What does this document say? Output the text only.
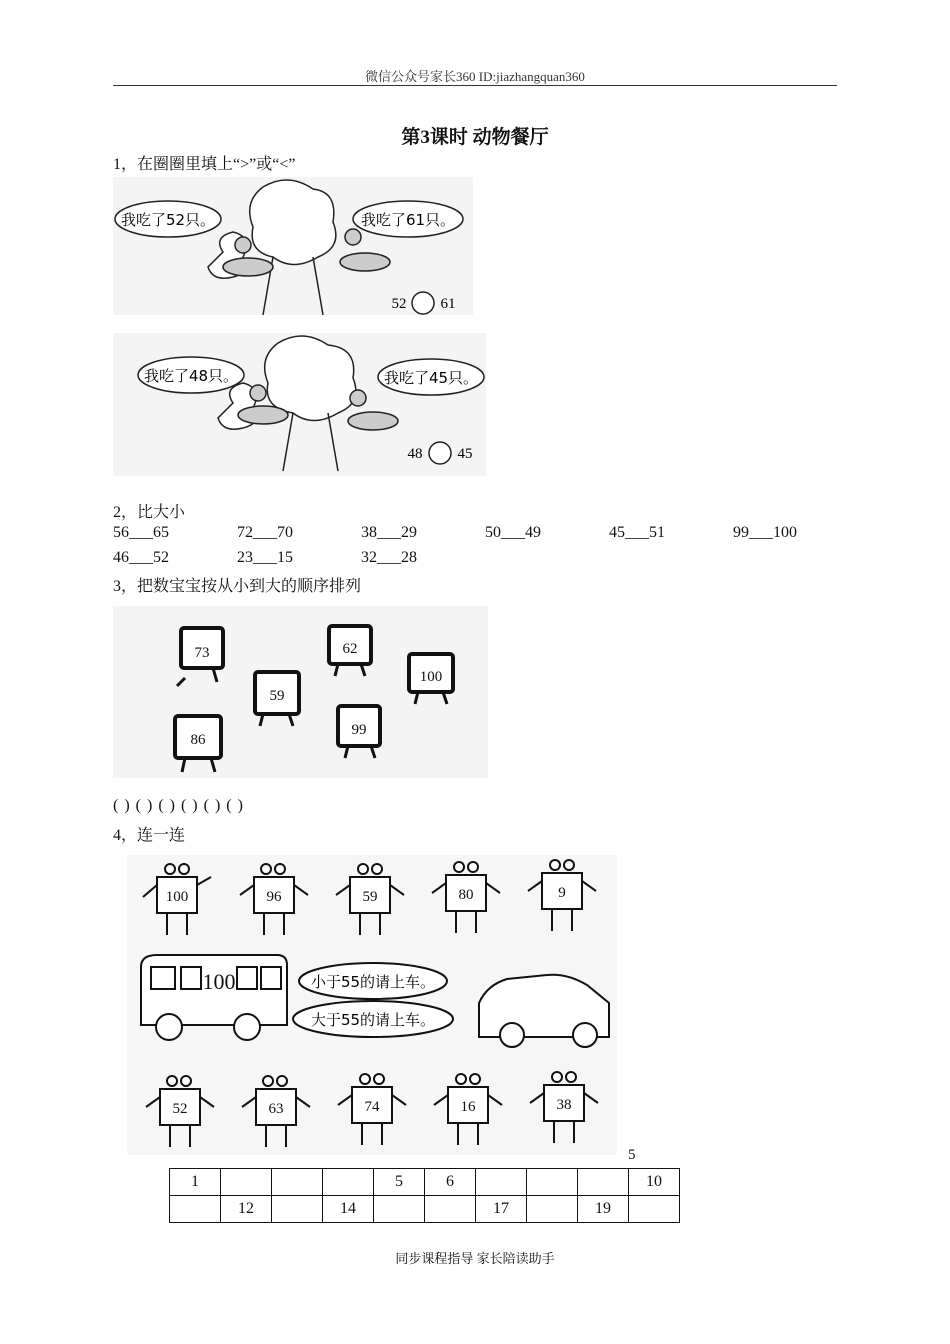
微信公众号家长360 ID:jiazhangquan360
第3课时 动物餐厅
1，在圈圈里填上“>”或“<”
我吃了52只。	我吃了61只。
52 61
我吃了48只。	我吃了45只。
48 45
2，比大小
56___65	72___70	38___29	50___49	45___51	99___100
46___52	23___15	32___28
3，把数宝宝按从小到大的顺序排列
73	62
100
59
86
99
( ) ( ) ( ) ( ) ( ) ( )
4，连一连
100	96	59	80	9
100	小于55的请上车。
大于55的请上车。
52	63	74	16	38
5
1				5	6				10
	12		14			17		19	
同步课程指导 家长陪读助手
